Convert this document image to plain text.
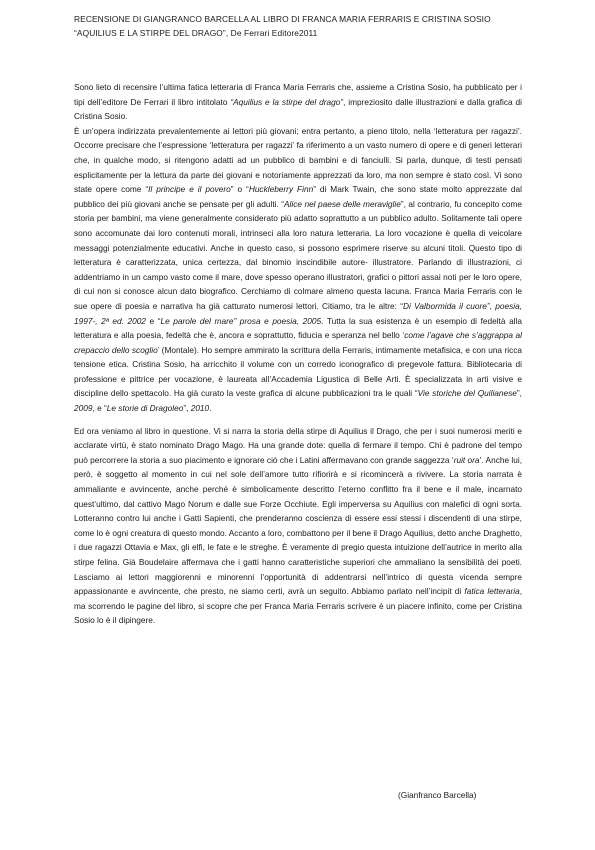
RECENSIONE DI GIANGRANCO BARCELLA AL LIBRO DI FRANCA MARIA FERRARIS E CRISTINA SOSIO
“AQUILIUS E LA STIRPE DEL DRAGO”, De Ferrari Editore2011

Sono lieto di recensire l’ultima fatica letteraria di Franca Maria Ferraris che, assieme a Cristina Sosio, ha pubblicato per i tipi dell’editore De Ferrari il libro intitolato “Aquilius e la stirpe del drago”, impreziosito dalle illustrazioni e dalla grafica di Cristina Sosio.

È un’opera indirizzata prevalentemente ai lettori più giovani; entra pertanto, a pieno titolo, nella ‘letteratura per ragazzi’. Occorre precisare che l’espressione ‘letteratura per ragazzi’ fa riferimento a un vasto numero di opere e di generi letterari che, in qualche modo, si ritengono adatti ad un pubblico di bambini e di fanciulli. Si parla, dunque, di testi pensati esplicitamente per la lettura da parte dei giovani e notoriamente apprezzati da loro, ma non sempre è stato così. Vi sono state opere come “Il principe e il povero” o “Huckleberry Finn” di Mark Twain, che sono state molto apprezzate dal pubblico dei più giovani anche se pensate per gli adulti. “Alice nel paese delle meraviglie”, al contrario, fu concepito come storia per bambini, ma viene generalmente considerato più adatto soprattutto a un pubblico adulto. Solitamente tali opere sono accomunate dai loro contenuti morali, intrinseci alla loro natura letteraria. La loro vocazione è quella di veicolare messaggi potenzialmente educativi. Anche in questo caso, si possono esprimere riserve su alcuni titoli. Questo tipo di letteratura è caratterizzata, unica certezza, dal binomio inscindibile autore- illustratore. Parlando di illustrazioni, ci addentriamo in un campo vasto come il mare, dove spesso operano illustratori, grafici o pittori assai noti per le loro opere, di cui non si conosce alcun dato biografico. Cerchiamo di colmare almeno questa lacuna. Franca Maria Ferraris con le sue opere di poesia e narrativa ha già catturato numerosi lettori. Citiamo, tra le altre: “Di Valbormida il cuore”, poesia, 1997-, 2ª ed. 2002 e “Le parole del mare” prosa e poesia, 2005. Tutta la sua esistenza è un esempio di fedeltà alla letteratura e alla poesia, fedeltà che è, ancora e soprattutto, fiducia e speranza nel bello ‘come l’agave che s’aggrappa al crepaccio dello scoglio’ (Montale). Ho sempre ammirato la scrittura della Ferraris, intimamente metafisica, e con una ricca tensione etica. Cristina Sosio, ha arricchito il volume con un corredo iconografico di pregevole fattura. Bibliotecaria di professione e pittrice per vocazione, è laureata all’Accademia Ligustica di Belle Arti. È specializzata in arti visive e discipline dello spettacolo. Ha già curato la veste grafica di alcune pubblicazioni tra le quali “Vie storiche del Quilianese”, 2009, e “Le storie di Dragoleo”, 2010.

Ed ora veniamo al libro in questione. Vi si narra la storia della stirpe di Aquilius il Drago, che per i suoi numerosi meriti e acclarate virtù, è stato nominato Drago Mago. Ha una grande dote: quella di fermare il tempo. Chi è padrone del tempo può percorrere la storia a suo piacimento e ignorare ciò che i Latini affermavano con grande saggezza ‘ruit ora’. Anche lui, però, è soggetto al momento in cui nel sole dell’amore tutto rifiorirà e si ricomincerà a rivivere. La storia narrata è ammaliante e avvincente, anche perché è simbolicamente descritto l’eterno conflitto fra il bene e il male, incarnato quest’ultimo, dal cattivo Mago Norum e dalle sue Forze Occhiute. Egli imperversa su Aquilius con malefici di ogni sorta. Lotteranno contro lui anche i Gatti Sapienti, che prenderanno coscienza di essere essi stessi i discendenti di una stirpe, come lo è ogni creatura di questo mondo. Accanto a loro, combattono per il bene il Drago Aquilius, detto anche Draghetto, i due ragazzi Ottavia e Max, gli elfi, le fate e le streghe. È veramente di pregio questa intuizione dell’autrice in merito alla stirpe felina. Già Boudelaire affermava che i gatti hanno caratteristiche superiori che ammaliano la sensibilità dei poeti. Lasciamo ai lettori maggiorenni e minorenni l’opportunità di addentrarsi nell’intrico di questa vicenda sempre appassionante e avvincente, che presto, ne siamo certi, avrà un seguito. Abbiamo parlato nell’incipit di fatica letteraria, ma scorrendo le pagine del libro, si scopre che per Franca Maria Ferraris scrivere è un piacere infinito, come per Cristina Sosio lo è il dipingere.

(Gianfranco Barcella)
